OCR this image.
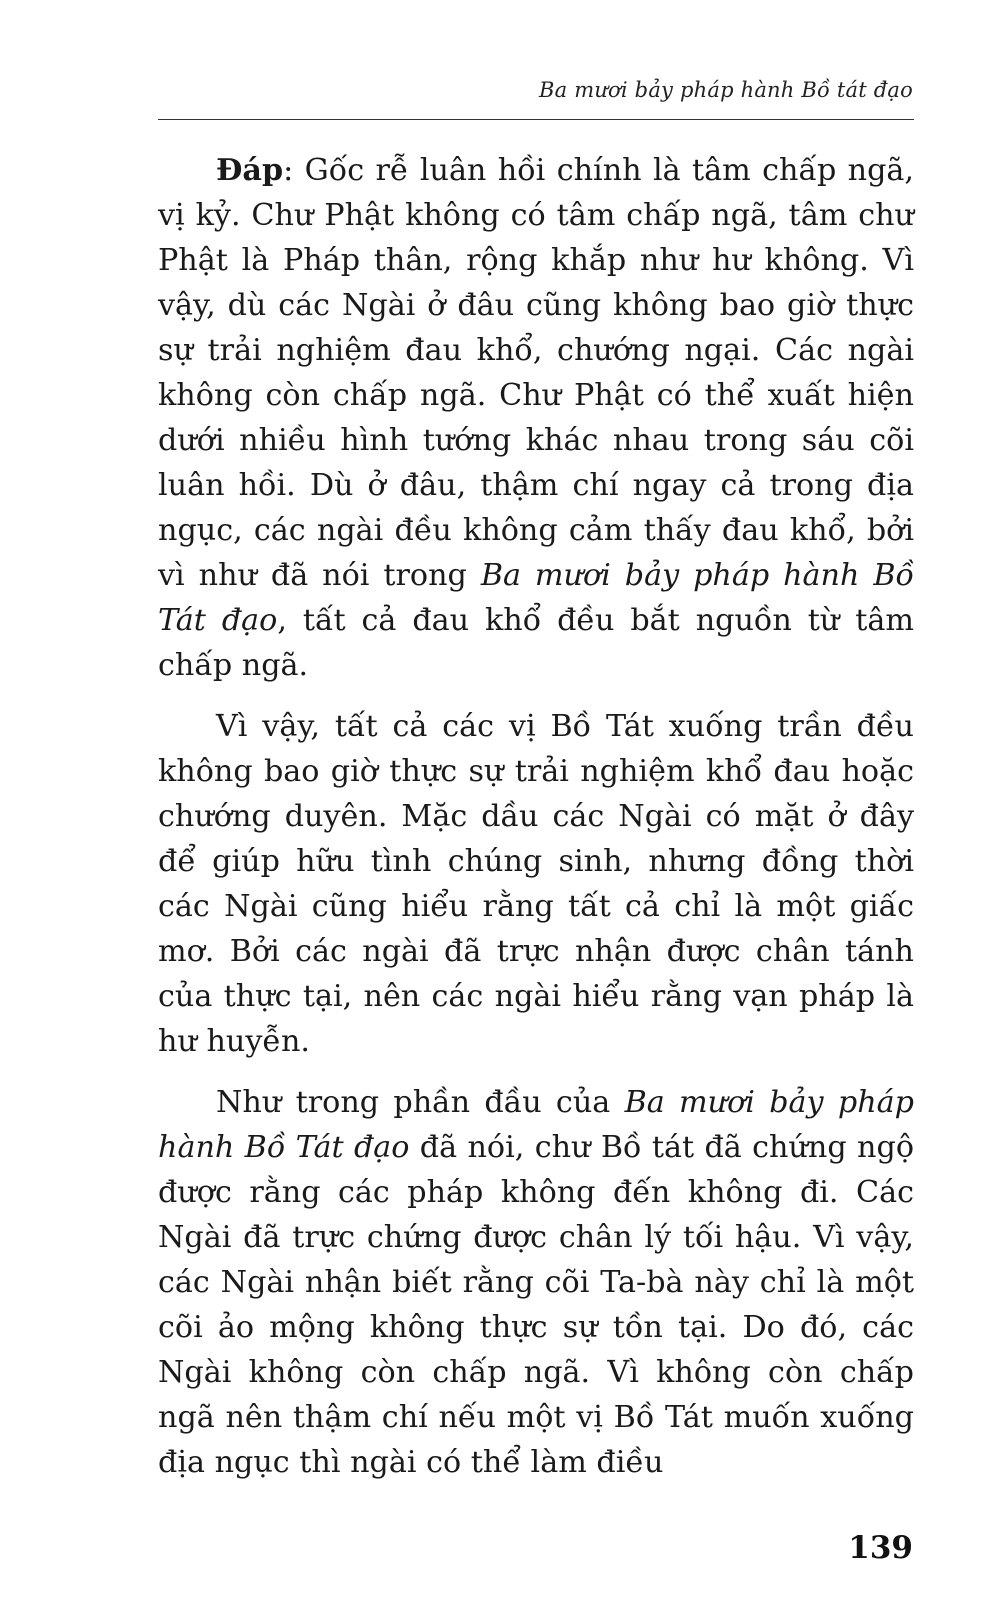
Ba mươi bảy pháp hành Bồ tát đạo

Đáp: Gốc rễ luân hồi chính là tâm chấp ngã, vị kỷ. Chư Phật không có tâm chấp ngã, tâm chư Phật là Pháp thân, rộng khắp như hư không. Vì vậy, dù các Ngài ở đâu cũng không bao giờ thực sự trải nghiệm đau khổ, chướng ngại. Các ngài không còn chấp ngã. Chư Phật có thể xuất hiện dưới nhiều hình tướng khác nhau trong sáu cõi luân hồi. Dù ở đâu, thậm chí ngay cả trong địa ngục, các ngài đều không cảm thấy đau khổ, bởi vì như đã nói trong Ba mươi bảy pháp hành Bồ Tát đạo, tất cả đau khổ đều bắt nguồn từ tâm chấp ngã.

Vì vậy, tất cả các vị Bồ Tát xuống trần đều không bao giờ thực sự trải nghiệm khổ đau hoặc chướng duyên. Mặc dầu các Ngài có mặt ở đây để giúp hữu tình chúng sinh, nhưng đồng thời các Ngài cũng hiểu rằng tất cả chỉ là một giấc mơ. Bởi các ngài đã trực nhận được chân tánh của thực tại, nên các ngài hiểu rằng vạn pháp là hư huyễn.

Như trong phần đầu của Ba mươi bảy pháp hành Bồ Tát đạo đã nói, chư Bồ tát đã chứng ngộ được rằng các pháp không đến không đi. Các Ngài đã trực chứng được chân lý tối hậu. Vì vậy, các Ngài nhận biết rằng cõi Ta-bà này chỉ là một cõi ảo mộng không thực sự tồn tại. Do đó, các Ngài không còn chấp ngã. Vì không còn chấp ngã nên thậm chí nếu một vị Bồ Tát muốn xuống địa ngục thì ngài có thể làm điều

139
